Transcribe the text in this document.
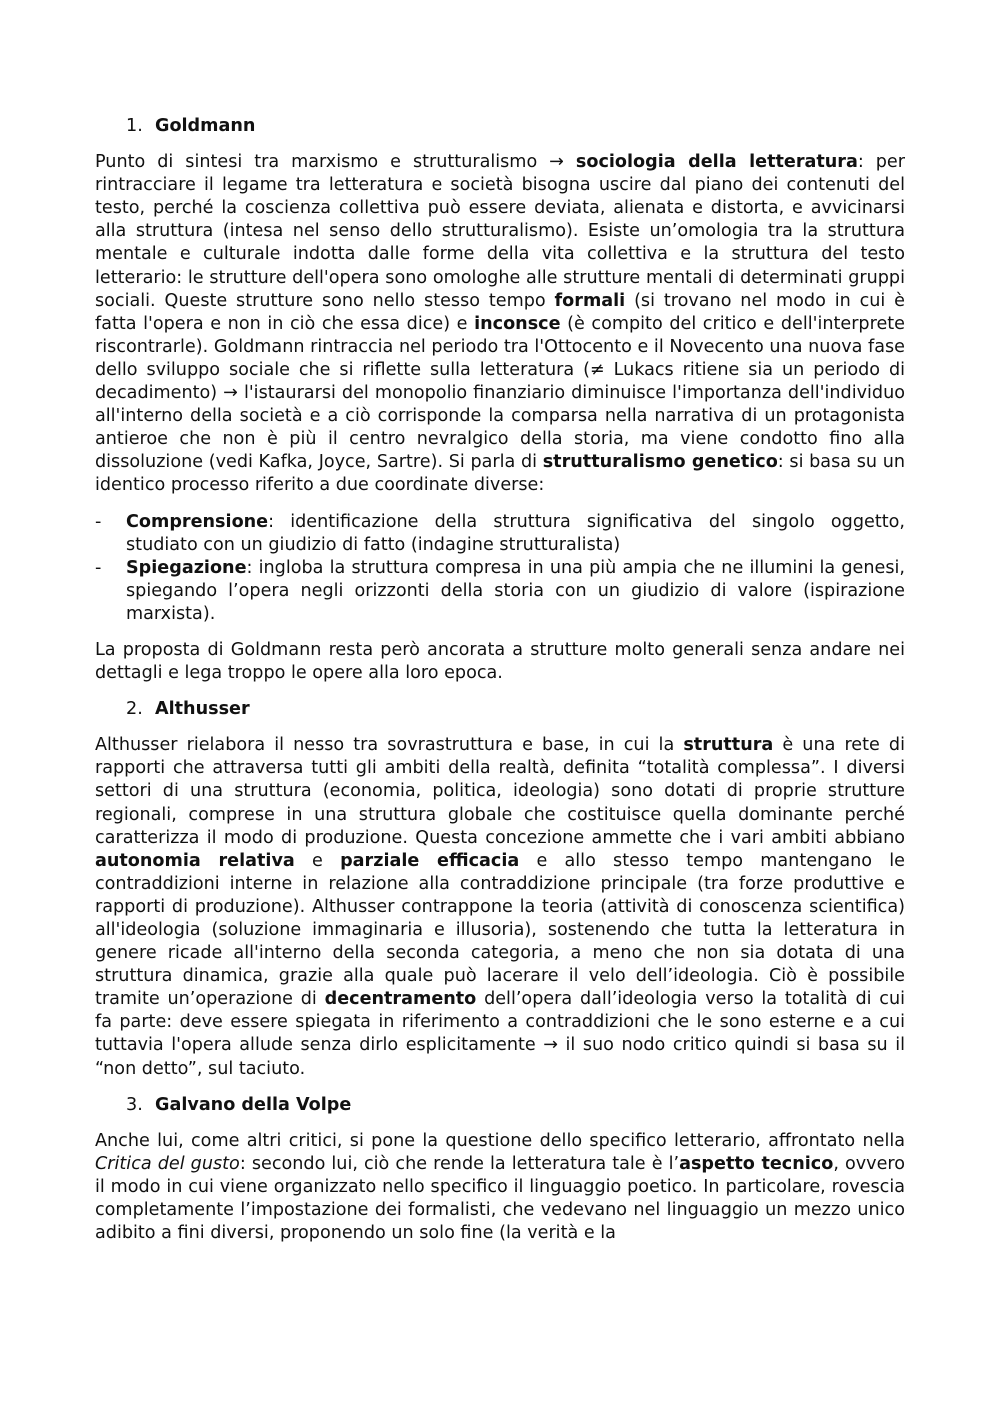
1. Goldmann

Punto di sintesi tra marxismo e strutturalismo → sociologia della letteratura: per rintracciare il legame tra letteratura e società bisogna uscire dal piano dei contenuti del testo, perché la coscienza collettiva può essere deviata, alienata e distorta, e avvicinarsi alla struttura (intesa nel senso dello strutturalismo). Esiste un’omologia tra la struttura mentale e culturale indotta dalle forme della vita collettiva e la struttura del testo letterario: le strutture dell'opera sono omologhe alle strutture mentali di determinati gruppi sociali. Queste strutture sono nello stesso tempo formali (si trovano nel modo in cui è fatta l'opera e non in ciò che essa dice) e inconsce (è compito del critico e dell'interprete riscontrarle). Goldmann rintraccia nel periodo tra l'Ottocento e il Novecento una nuova fase dello sviluppo sociale che si riflette sulla letteratura (≠ Lukacs ritiene sia un periodo di decadimento) → l'istaurarsi del monopolio finanziario diminuisce l'importanza dell'individuo all'interno della società e a ciò corrisponde la comparsa nella narrativa di un protagonista antieroe che non è più il centro nevralgico della storia, ma viene condotto fino alla dissoluzione (vedi Kafka, Joyce, Sartre). Si parla di strutturalismo genetico: si basa su un identico processo riferito a due coordinate diverse:

- Comprensione: identificazione della struttura significativa del singolo oggetto, studiato con un giudizio di fatto (indagine strutturalista)
- Spiegazione: ingloba la struttura compresa in una più ampia che ne illumini la genesi, spiegando l’opera negli orizzonti della storia con un giudizio di valore (ispirazione marxista).

La proposta di Goldmann resta però ancorata a strutture molto generali senza andare nei dettagli e lega troppo le opere alla loro epoca.

2. Althusser

Althusser rielabora il nesso tra sovrastruttura e base, in cui la struttura è una rete di rapporti che attraversa tutti gli ambiti della realtà, definita “totalità complessa”. I diversi settori di una struttura (economia, politica, ideologia) sono dotati di proprie strutture regionali, comprese in una struttura globale che costituisce quella dominante perché caratterizza il modo di produzione. Questa concezione ammette che i vari ambiti abbiano autonomia relativa e parziale efficacia e allo stesso tempo mantengano le contraddizioni interne in relazione alla contraddizione principale (tra forze produttive e rapporti di produzione). Althusser contrappone la teoria (attività di conoscenza scientifica) all'ideologia (soluzione immaginaria e illusoria), sostenendo che tutta la letteratura in genere ricade all'interno della seconda categoria, a meno che non sia dotata di una struttura dinamica, grazie alla quale può lacerare il velo dell’ideologia. Ciò è possibile tramite un’operazione di decentramento dell’opera dall’ideologia verso la totalità di cui fa parte: deve essere spiegata in riferimento a contraddizioni che le sono esterne e a cui tuttavia l'opera allude senza dirlo esplicitamente → il suo nodo critico quindi si basa su il “non detto”, sul taciuto.

3. Galvano della Volpe

Anche lui, come altri critici, si pone la questione dello specifico letterario, affrontato nella Critica del gusto: secondo lui, ciò che rende la letteratura tale è l’aspetto tecnico, ovvero il modo in cui viene organizzato nello specifico il linguaggio poetico. In particolare, rovescia completamente l’impostazione dei formalisti, che vedevano nel linguaggio un mezzo unico adibito a fini diversi, proponendo un solo fine (la verità e la
